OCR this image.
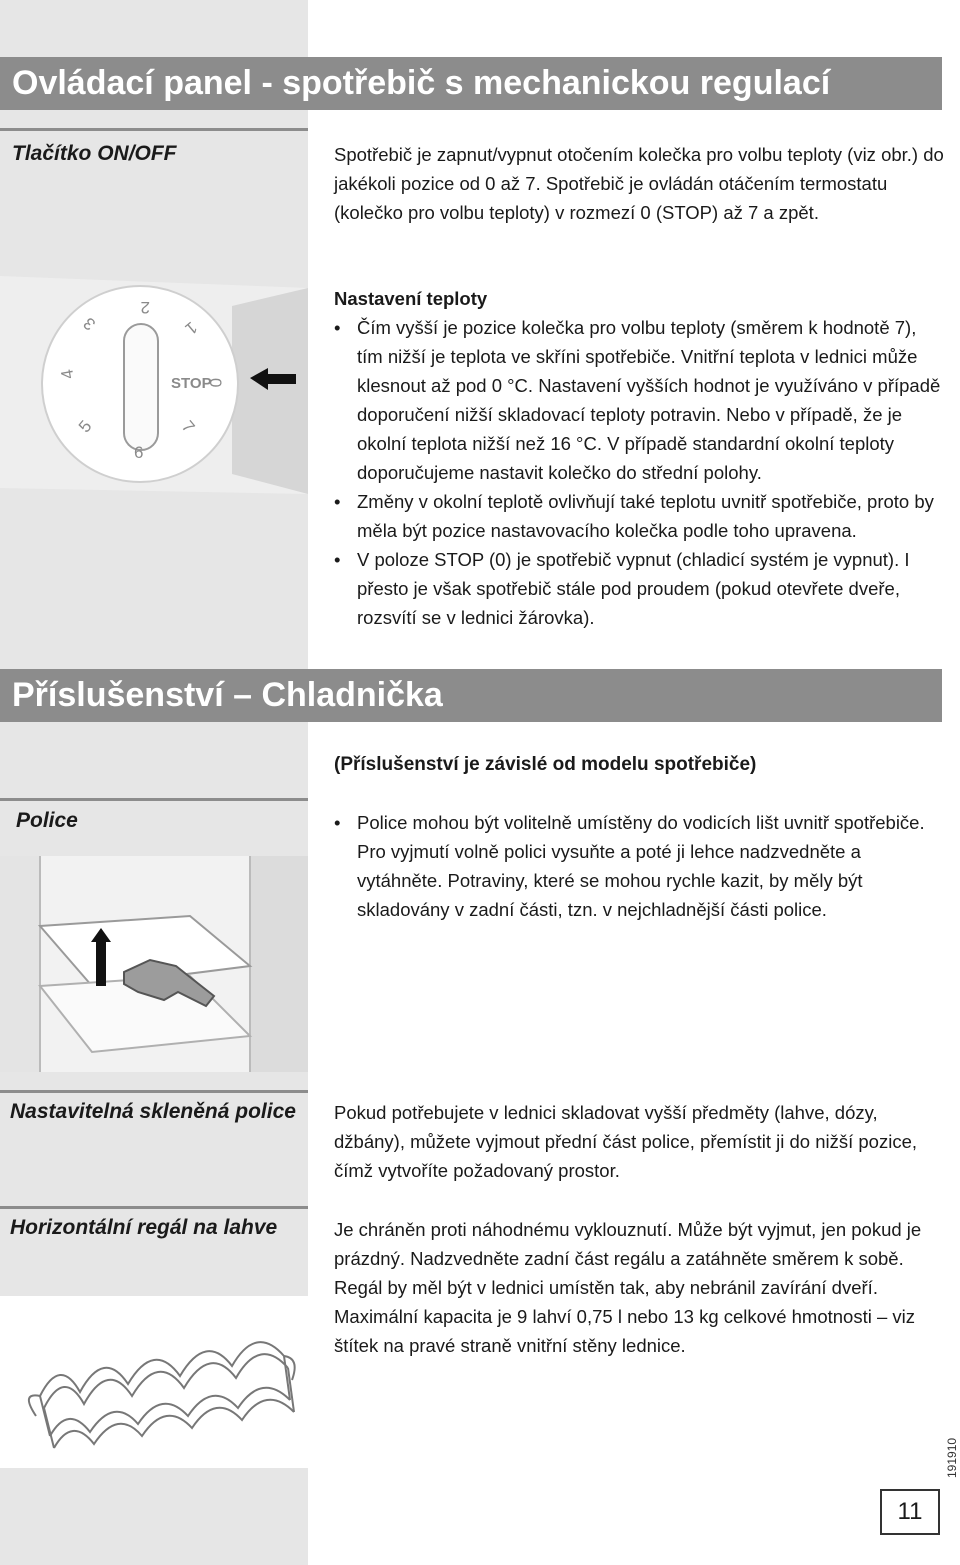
Ovládací panel - spotřebič s mechanickou regulací
Tlačítko ON/OFF	Spotřebič je zapnut/vypnut otočením kolečka pro volbu teploty (viz obr.) do jakékoli pozice od 0 až 7. Spotřebič je ovládán otáčením termostatu (kolečko pro volbu teploty) v rozmezí 0 (STOP) až 7 a zpět.

0
1
2
3
4
5
6
7
STOP

Nastavení teploty

• Čím vyšší je pozice kolečka pro volbu teploty (směrem k hodnotě 7), tím nižší je teplota ve skříni spotřebiče. Vnitřní teplota v lednici může klesnout až pod 0 °C. Nastavení vyšších hodnot je využíváno v případě doporučení nižší skladovací teploty potravin. Nebo v případě, že je okolní teplota nižší než 16 °C. V případě standardní okolní teploty doporučujeme nastavit kolečko do střední polohy.
• Změny v okolní teplotě ovlivňují také teplotu uvnitř spotřebiče, proto by měla být pozice nastavovacího kolečka podle toho upravena.
• V poloze STOP (0) je spotřebič vypnut (chladicí systém je vypnut). I přesto je však spotřebič stále pod proudem (pokud otevřete dveře, rozsvítí se v lednici žárovka).
Příslušenství – Chladnička
(Příslušenství je závislé od modelu spotřebiče)
Police
•	Police mohou být volitelně umístěny do vodicích lišt uvnitř spotřebiče. Pro vyjmutí volně polici vysuňte a poté ji lehce nadzvedněte a vytáhněte. Potraviny, které se mohou rychle kazit, by měly být skladovány v zadní části, tzn. v nejchladnější části police.
Nastavitelná skleněná police Pokud potřebujete v lednici skladovat vyšší předměty (lahve, dózy, džbány), můžete vyjmout přední část police, přemístit ji do nižší pozice, čímž vytvoříte požadovaný prostor.

Horizontální regál na lahve	Je chráněn proti náhodnému vyklouznutí. Může být vyjmut, jen pokud je prázdný. Nadzvedněte zadní část regálu a zatáhněte směrem k sobě.

Regál by měl být v lednici umístěn tak, aby nebránil zavírání dveří. Maximální kapacita je 9 lahví 0,75 l nebo 13 kg celkové hmotnosti – viz štítek na pravé straně vnitřní stěny lednice.

191910
11
